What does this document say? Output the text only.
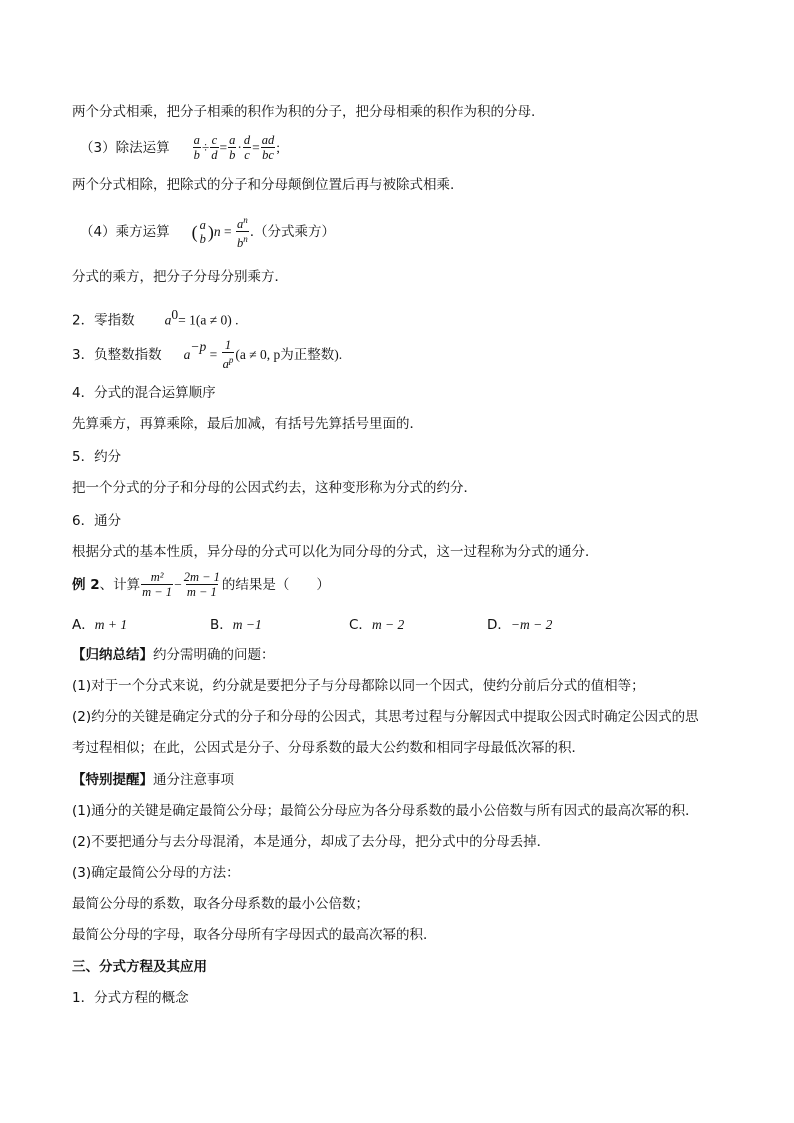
两个分式相乘，把分子相乘的积作为积的分子，把分母相乘的积作为积的分母.
（3）除法运算 $\frac{a}{b} \div \frac{c}{d} = \frac{a}{b} \cdot \frac{d}{c} = \frac{ad}{bc}$ ;
两个分式相除，把除式的分子和分母颠倒位置后再与被除式相乘.
（4）乘方运算 ( a
b ) $n = \frac{a^n}{b^n}$ .（分式乘方）
分式的乘方，把分子分母分别乘方．
2．零指数 $a^0= 1(a \ne 0)$ .
3．负整数指数 a
−p
= $\frac{1}{a^p} (a \ne 0$, p为正整数).
4．分式的混合运算顺序
先算乘方，再算乘除，最后加减，有括号先算括号里面的．
5．约分
把一个分式的分子和分母的公因式约去，这种变形称为分式的约分．
6．通分
根据分式的基本性质，异分母的分式可以化为同分母的分式，这一过程称为分式的通分．
例 2 、计算 $\frac{\text{m²}}{m - 1} - \frac{2m - 1}{m - 1}$ 的结果是（　　）
A．m + 1	B．m −1	C．m − 2	D．−m − 2
【归纳总结】约分需明确的问题：
(1)对于一个分式来说，约分就是要把分子与分母都除以同一个因式，使约分前后分式的值相等；
(2)约分的关键是确定分式的分子和分母的公因式，其思考过程与分解因式中提取公因式时确定公因式的思
考过程相似；在此，公因式是分子、分母系数的最大公约数和相同字母最低次幂的积．
【特别提醒】通分注意事项
(1)通分的关键是确定最简公分母；最简公分母应为各分母系数的最小公倍数与所有因式的最高次幂的积．
(2)不要把通分与去分母混淆，本是通分，却成了去分母，把分式中的分母丢掉．
(3)确定最简公分母的方法：
最简公分母的系数，取各分母系数的最小公倍数；
最简公分母的字母，取各分母所有字母因式的最高次幂的积.
三、分式方程及其应用
1．分式方程的概念
